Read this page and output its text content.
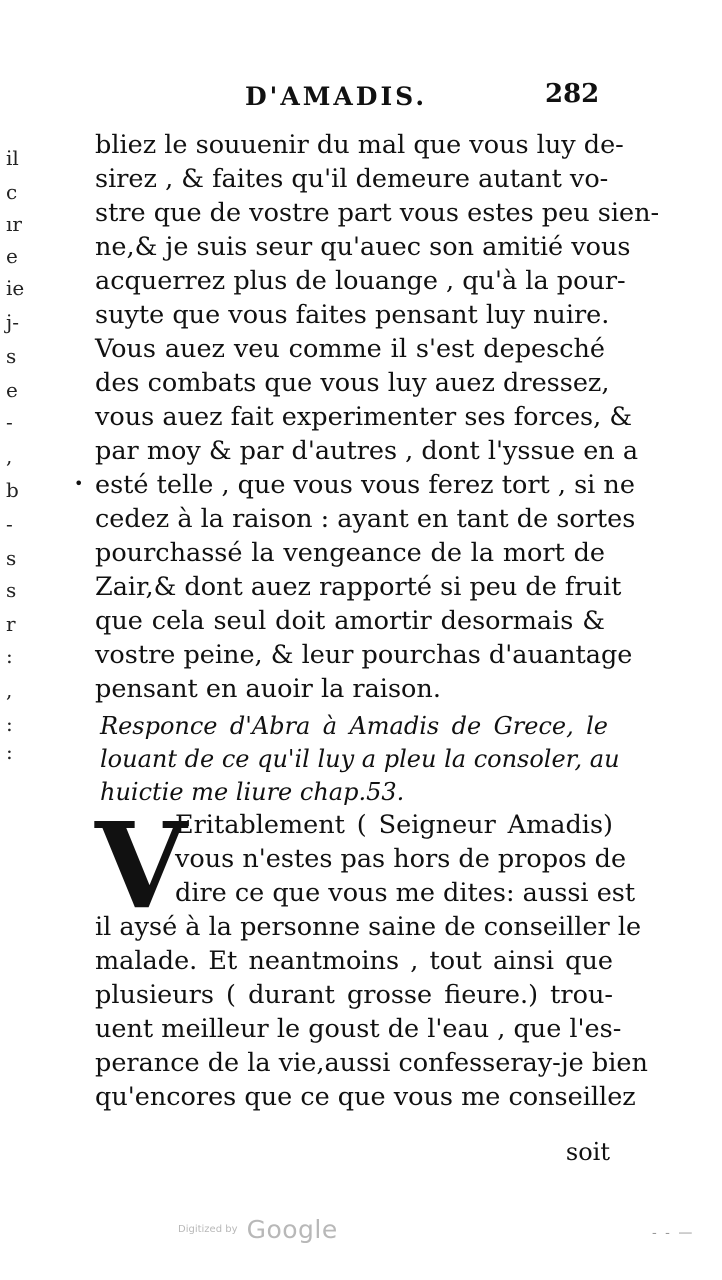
il
c
ır
e
ie
j-
s
e
-
,
b
-
s
s
r
:
,
:
:
D'AMADIS.	282
bliez le souuenir du mal que vous luy de-
sirez , & faites qu'il demeure autant vo-
stre que de vostre part vous estes peu sien-
ne,& je suis seur qu'auec son amitié vous
acquerrez plus de louange , qu'à la pour-
suyte que vous faites pensant luy nuire.
Vous auez veu comme il s'est depesché
des combats que vous luy auez dressez,
vous auez fait experimenter ses forces, &
par moy & par d'autres , dont l'yssue en a
esté telle , que vous vous ferez tort , si ne
cedez à la raison : ayant en tant de sortes
pourchassé la vengeance de la mort de
Zair,& dont auez rapporté si peu de fruit
que cela seul doit amortir desormais &
vostre peine, & leur pourchas d'auantage
pensant en auoir la raison.
•
Responce d'Abra à Amadis de Grece, le
louant de ce qu'il luy a pleu la consoler, au
huictie me liure chap.53.
V
Eritablement ( Seigneur Amadis)
vous n'estes pas hors de propos de
dire ce que vous me dites: aussi est
il aysé à la personne saine de conseiller le
malade. Et neantmoins , tout ainsi que
plusieurs ( durant grosse fieure.) trou-
uent meilleur le goust de l'eau , que l'es-
perance de la vie,aussi confesseray-je bien
qu'encores que ce que vous me conseillez
soit
Digitized by Google	- - —
